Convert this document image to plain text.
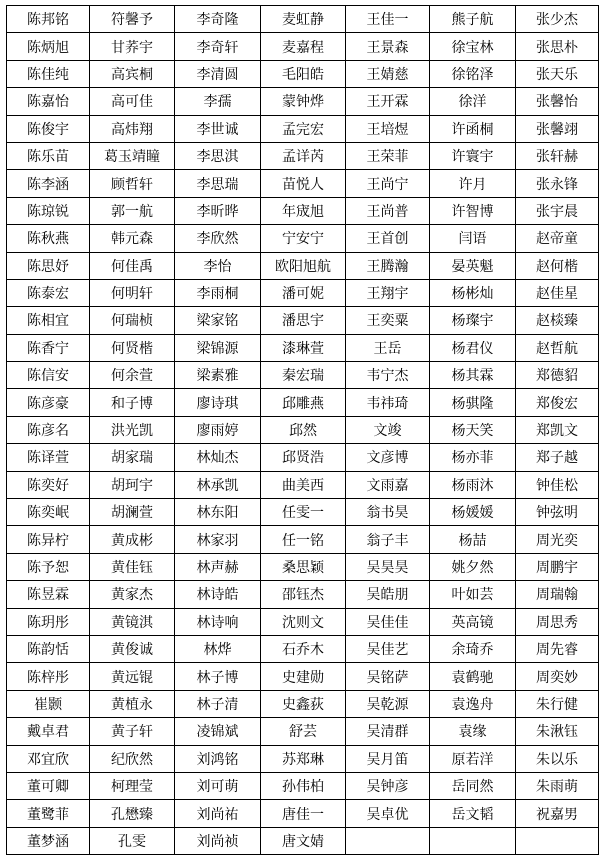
陈邦铭	符馨予	李奇隆	麦虹静	王佳一	熊子航	张少杰
陈炳旭	甘荞宇	李奇轩	麦嘉程	王景森	徐宝林	张思朴
陈佳纯	高宾桐	李清圆	毛阳皓	王婧慈	徐铭泽	张天乐
陈嘉怡	高可佳	李孺	蒙钟烨	王开霖	徐洋	张馨怡
陈俊宇	高炜翔	李世诚	孟完宏	王培煜	许函桐	张馨翊
陈乐苗	葛玉靖瞳	李思淇	孟详芮	王荣菲	许寰宇	张轩赫
陈李涵	顾哲轩	李思瑞	苗悦人	王尚宁	许月	张永锋
陈琼锐	郭一航	李昕晔	年宬旭	王尚普	许智博	张宇晨
陈秋燕	韩元森	李欣然	宁安宁	王首创	闫语	赵帝童
陈思妤	何佳禹	李怡	欧阳旭航	王腾瀚	晏英魁	赵何楷
陈泰宏	何明轩	李雨桐	潘可妮	王翔宇	杨彬灿	赵佳星
陈相宜	何瑞桢	梁家铭	潘思宇	王奕粟	杨璨宇	赵棪臻
陈香宁	何贤楷	梁锦源	漆琳萱	王岳	杨君仪	赵哲航
陈信安	何余萱	梁素雅	秦宏瑞	韦宁杰	杨其霖	郑德貂
陈彦豪	和子博	廖诗琪	邱雕燕	韦祎琦	杨骐隆	郑俊宏
陈彦名	洪光凯	廖雨婷	邱然	文竣	杨天笑	郑凯文
陈译萱	胡家瑞	林灿杰	邱贤浩	文彦博	杨亦菲	郑子越
陈奕好	胡珂宇	林承凯	曲美西	文雨嘉	杨雨沐	钟佳松
陈奕岷	胡澜萱	林东阳	任雯一	翁书昊	杨媛媛	钟弦明
陈异柠	黄成彬	林家羽	任一铭	翁子丰	杨喆	周光奕
陈予恕	黄佳钰	林声赫	桑思颖	吴昊昊	姚夕然	周鹏宇
陈昱霖	黄家杰	林诗皓	邵钰杰	吴皓朋	叶如芸	周瑞翰
陈玥彤	黄镜淇	林诗响	沈则文	吴佳佳	英高镜	周思秀
陈韵恬	黄俊诚	林烨	石乔木	吴佳艺	余琦乔	周先睿
陈梓彤	黄远锟	林子博	史建勋	吴铭萨	袁鹤驰	周奕妙
崔颢	黄植永	林子清	史鑫荻	吴乾源	袁逸舟	朱行健
戴卓君	黄子轩	凌锦斌	舒芸	吴清群	袁缘	朱湫钰
邓宜欣	纪欣然	刘鸿铭	苏郑琳	吴月笛	原若洋	朱以乐
董可卿	柯理莹	刘可萌	孙伟柏	吴钟彦	岳同然	朱雨萌
董鹭菲	孔懋臻	刘尚祐	唐佳一	吴卓优	岳文韬	祝嘉男
董梦涵	孔雯	刘尚祯	唐文婧			
